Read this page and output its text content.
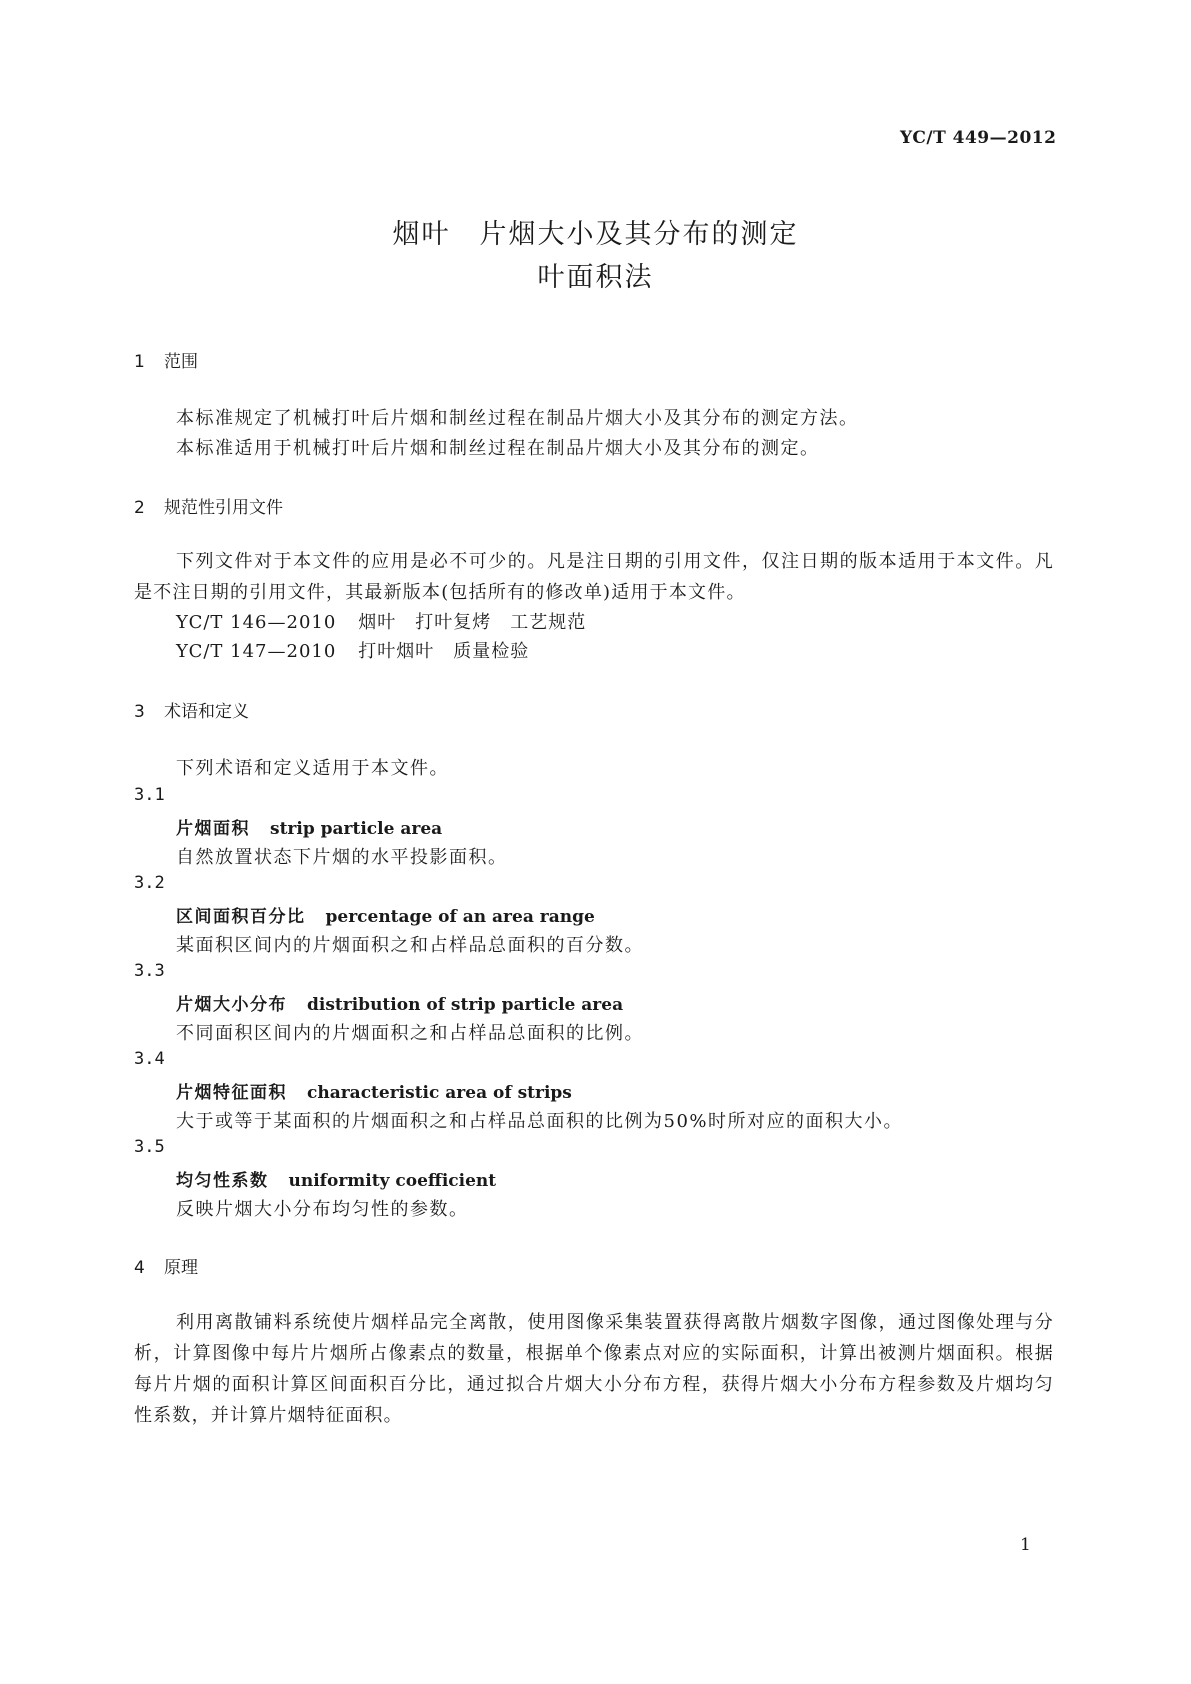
YC/T 449—2012
烟叶　片烟大小及其分布的测定
叶面积法
1 范围
本标准规定了机械打叶后片烟和制丝过程在制品片烟大小及其分布的测定方法。
本标准适用于机械打叶后片烟和制丝过程在制品片烟大小及其分布的测定。
2 规范性引用文件
下列文件对于本文件的应用是必不可少的。凡是注日期的引用文件，仅注日期的版本适用于本文件。凡是不注日期的引用文件，其最新版本(包括所有的修改单)适用于本文件。
YC/T 146—2010 烟叶　打叶复烤　工艺规范
YC/T 147—2010 打叶烟叶　质量检验
3 术语和定义
下列术语和定义适用于本文件。
3.1
片烟面积 strip particle area
自然放置状态下片烟的水平投影面积。
3.2
区间面积百分比 percentage of an area range
某面积区间内的片烟面积之和占样品总面积的百分数。
3.3
片烟大小分布 distribution of strip particle area
不同面积区间内的片烟面积之和占样品总面积的比例。
3.4
片烟特征面积 characteristic area of strips
大于或等于某面积的片烟面积之和占样品总面积的比例为50%时所对应的面积大小。
3.5
均匀性系数 uniformity coefficient
反映片烟大小分布均匀性的参数。
4 原理
利用离散铺料系统使片烟样品完全离散，使用图像采集装置获得离散片烟数字图像，通过图像处理与分析，计算图像中每片片烟所占像素点的数量，根据单个像素点对应的实际面积，计算出被测片烟面积。根据每片片烟的面积计算区间面积百分比，通过拟合片烟大小分布方程，获得片烟大小分布方程参数及片烟均匀性系数，并计算片烟特征面积。
1
